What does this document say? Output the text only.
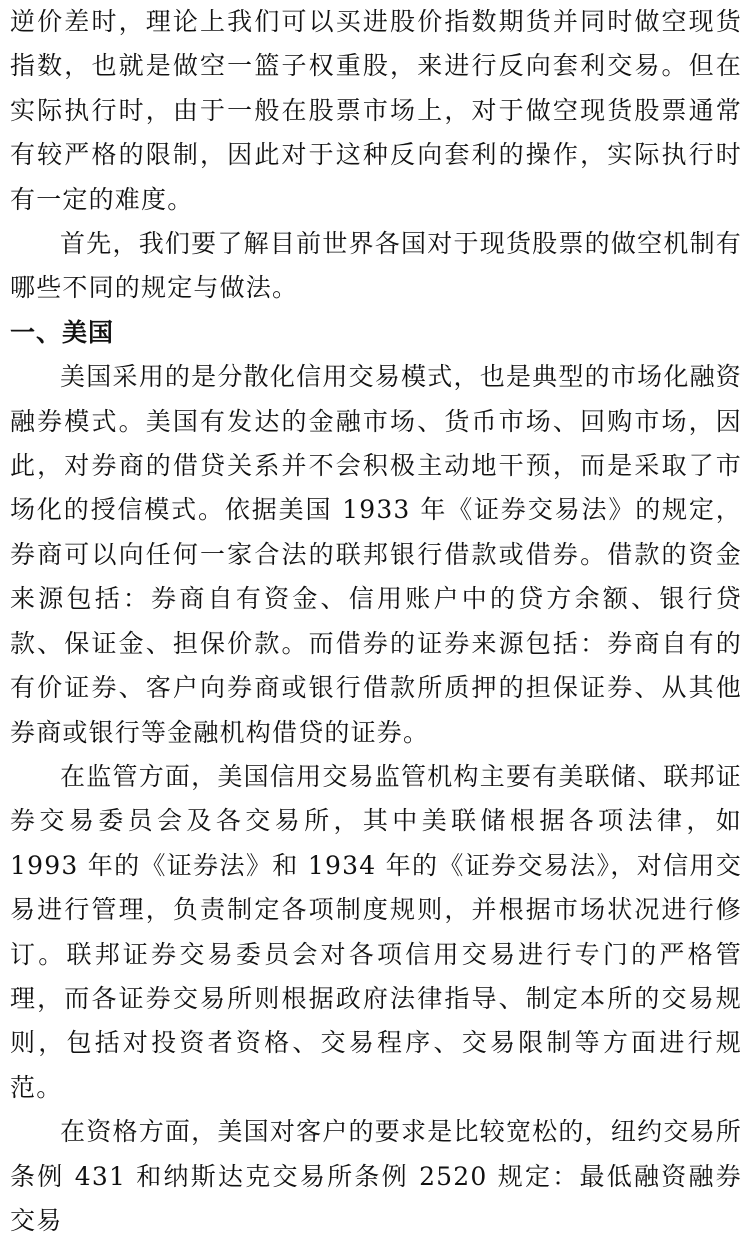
逆价差时，理论上我们可以买进股价指数期货并同时做空现货指数，也就是做空一篮子权重股，来进行反向套利交易。但在实际执行时，由于一般在股票市场上，对于做空现货股票通常有较严格的限制，因此对于这种反向套利的操作，实际执行时有一定的难度。

首先，我们要了解目前世界各国对于现货股票的做空机制有哪些不同的规定与做法。

一、美国

美国采用的是分散化信用交易模式，也是典型的市场化融资融券模式。美国有发达的金融市场、货币市场、回购市场，因此，对券商的借贷关系并不会积极主动地干预，而是采取了市场化的授信模式。依据美国 1933 年《证券交易法》的规定，券商可以向任何一家合法的联邦银行借款或借券。借款的资金来源包括：券商自有资金、信用账户中的贷方余额、银行贷款、保证金、担保价款。而借券的证券来源包括：券商自有的有价证券、客户向券商或银行借款所质押的担保证券、从其他券商或银行等金融机构借贷的证券。

在监管方面，美国信用交易监管机构主要有美联储、联邦证券交易委员会及各交易所，其中美联储根据各项法律，如 1993 年的《证券法》和 1934 年的《证券交易法》，对信用交易进行管理，负责制定各项制度规则，并根据市场状况进行修订。联邦证券交易委员会对各项信用交易进行专门的严格管理，而各证券交易所则根据政府法律指导、制定本所的交易规则，包括对投资者资格、交易程序、交易限制等方面进行规范。

在资格方面，美国对客户的要求是比较宽松的，纽约交易所条例 431 和纳斯达克交易所条例 2520 规定：最低融资融券交易
